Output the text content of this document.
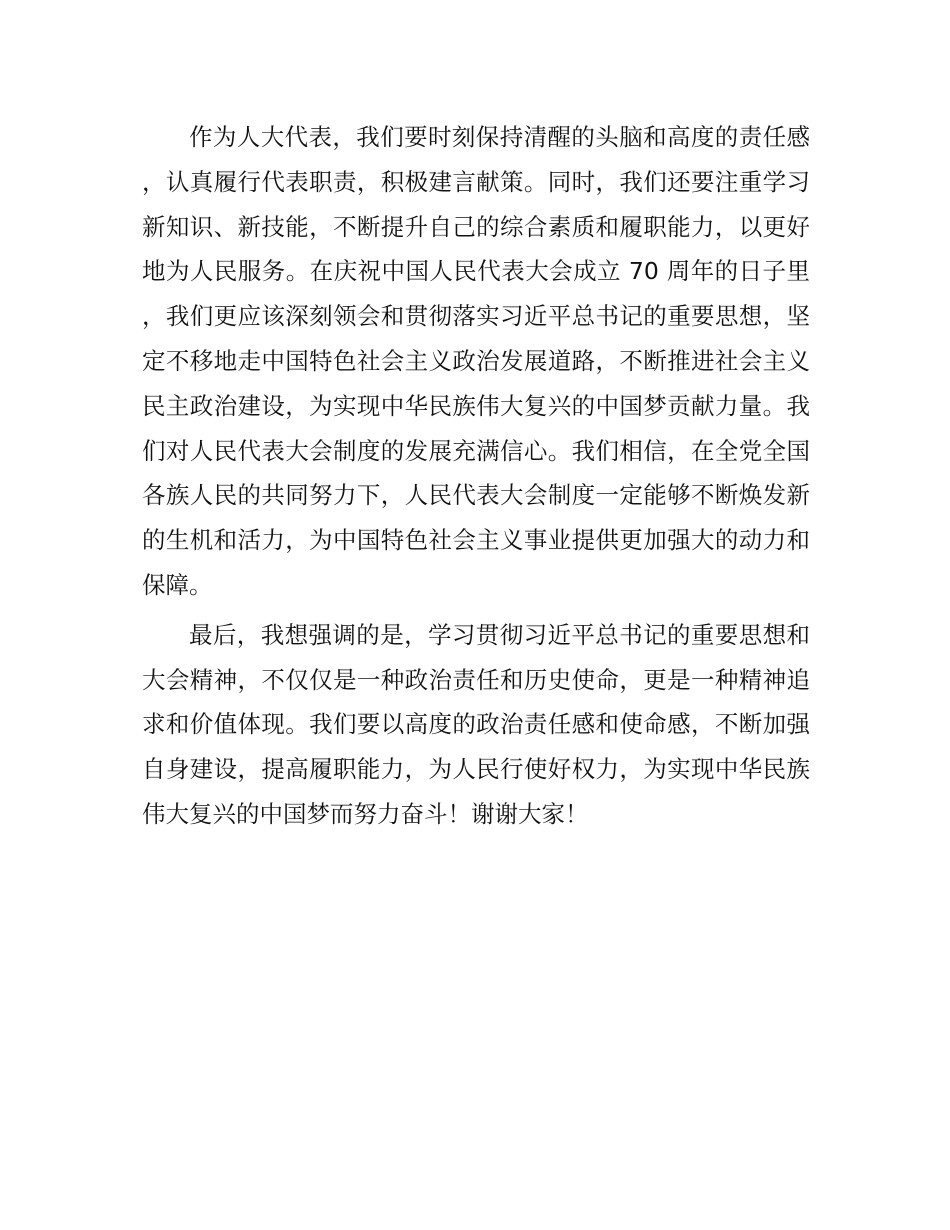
作为人大代表，我们要时刻保持清醒的头脑和高度的责任感，认真履行代表职责，积极建言献策。同时，我们还要注重学习新知识、新技能，不断提升自己的综合素质和履职能力，以更好地为人民服务。在庆祝中国人民代表大会成立 70 周年的日子里，我们更应该深刻领会和贯彻落实习近平总书记的重要思想，坚定不移地走中国特色社会主义政治发展道路，不断推进社会主义民主政治建设，为实现中华民族伟大复兴的中国梦贡献力量。我们对人民代表大会制度的发展充满信心。我们相信，在全党全国各族人民的共同努力下，人民代表大会制度一定能够不断焕发新的生机和活力，为中国特色社会主义事业提供更加强大的动力和保障。

最后，我想强调的是，学习贯彻习近平总书记的重要思想和大会精神，不仅仅是一种政治责任和历史使命，更是一种精神追求和价值体现。我们要以高度的政治责任感和使命感，不断加强自身建设，提高履职能力，为人民行使好权力，为实现中华民族伟大复兴的中国梦而努力奋斗！谢谢大家！
